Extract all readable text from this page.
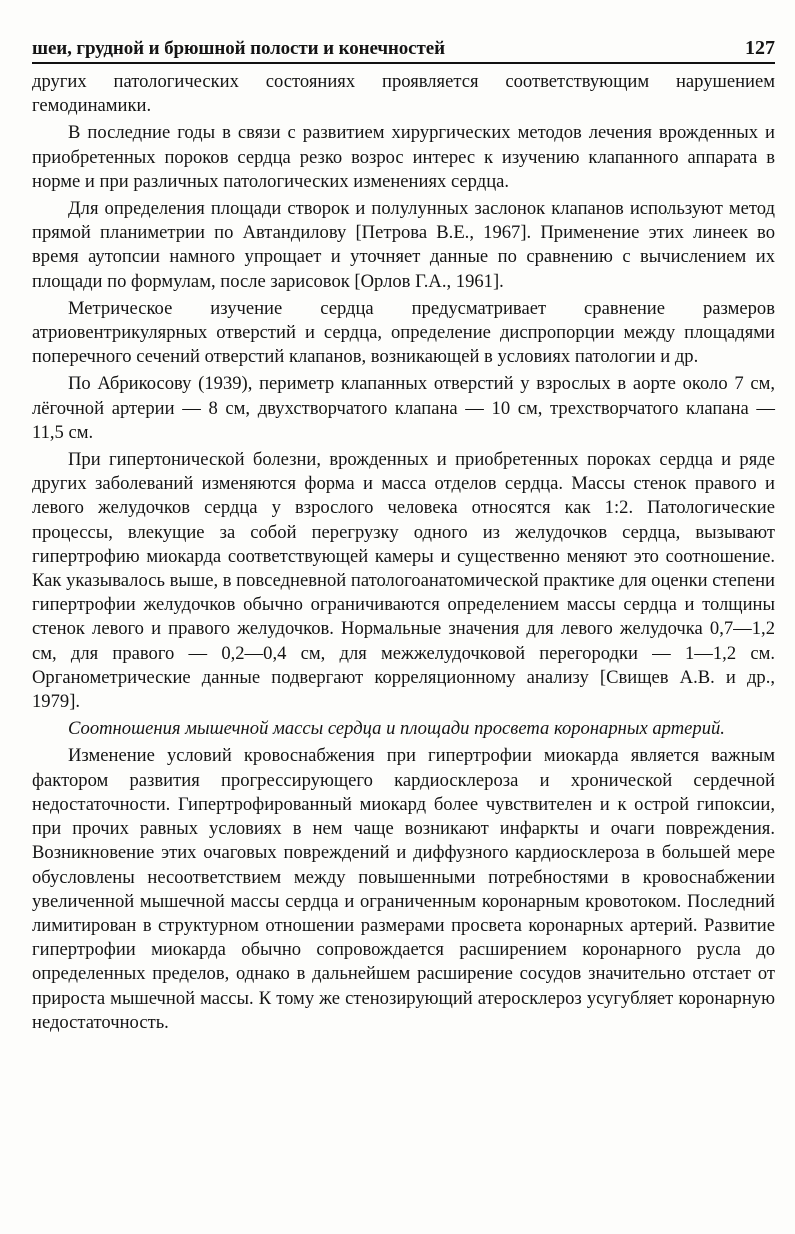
шеи, грудной и брюшной полости и конечностей	127

других патологических состояниях проявляется соответствующим нарушением гемодинамики.

В последние годы в связи с развитием хирургических методов лечения врожденных и приобретенных пороков сердца резко возрос интерес к изучению клапанного аппарата в норме и при различных патологических изменениях сердца.

Для определения площади створок и полулунных заслонок клапанов используют метод прямой планиметрии по Автандилову [Петрова В.Е., 1967]. Применение этих линеек во время аутопсии намного упрощает и уточняет данные по сравнению с вычислением их площади по формулам, после зарисовок [Орлов Г.А., 1961].

Метрическое изучение сердца предусматривает сравнение размеров атриовентрикулярных отверстий и сердца, определение диспропорции между площадями поперечного сечений отверстий клапанов, возникающей в условиях патологии и др.

По Абрикосову (1939), периметр клапанных отверстий у взрослых в аорте около 7 см, лёгочной артерии — 8 см, двухстворчатого клапана — 10 см, трехстворчатого клапана — 11,5 см.

При гипертонической болезни, врожденных и приобретенных пороках сердца и ряде других заболеваний изменяются форма и масса отделов сердца. Массы стенок правого и левого желудочков сердца у взрослого человека относятся как 1:2. Патологические процессы, влекущие за собой перегрузку одного из желудочков сердца, вызывают гипертрофию миокарда соответствующей камеры и существенно меняют это соотношение. Как указывалось выше, в повседневной патологоанатомической практике для оценки степени гипертрофии желудочков обычно ограничиваются определением массы сердца и толщины стенок левого и правого желудочков. Нормальные значения для левого желудочка 0,7—1,2 см, для правого — 0,2—0,4 см, для межжелудочковой перегородки — 1—1,2 см. Органометрические данные подвергают корреляционному анализу [Свищев А.В. и др., 1979].

Соотношения мышечной массы сердца и площади просвета коронарных артерий.

Изменение условий кровоснабжения при гипертрофии миокарда является важным фактором развития прогрессирующего кардиосклероза и хронической сердечной недостаточности. Гипертрофированный миокард более чувствителен и к острой гипоксии, при прочих равных условиях в нем чаще возникают инфаркты и очаги повреждения. Возникновение этих очаговых повреждений и диффузного кардиосклероза в большей мере обусловлены несоответствием между повышенными потребностями в кровоснабжении увеличенной мышечной массы сердца и ограниченным коронарным кровотоком. Последний лимитирован в структурном отношении размерами просвета коронарных артерий. Развитие гипертрофии миокарда обычно сопровождается расширением коронарного русла до определенных пределов, однако в дальнейшем расширение сосудов значительно отстает от прироста мышечной массы. К тому же стенозирующий атеросклероз усугубляет коронарную недостаточность.
